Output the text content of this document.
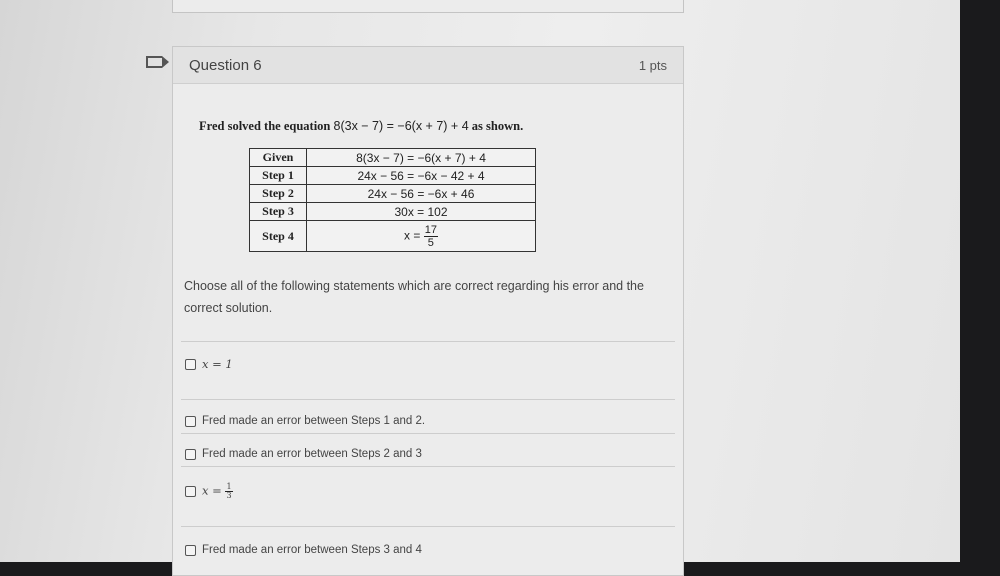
Question 6	1 pts
Fred solved the equation 8(3x − 7) = −6(x + 7) + 4 as shown.
Given	8(3x − 7) = −6(x + 7) + 4
Step 1	24x − 56 = −6x − 42 + 4
Step 2	24x − 56 = −6x + 46
Step 3	30x = 102
Step 4	$x = \frac{17}{5}$
Choose all of the following statements which are correct regarding his error and the correct solution.
x = 1
Fred made an error between Steps 1 and 2.
Fred made an error between Steps 2 and 3
$x = \frac{1}{3}$
Fred made an error between Steps 3 and 4
